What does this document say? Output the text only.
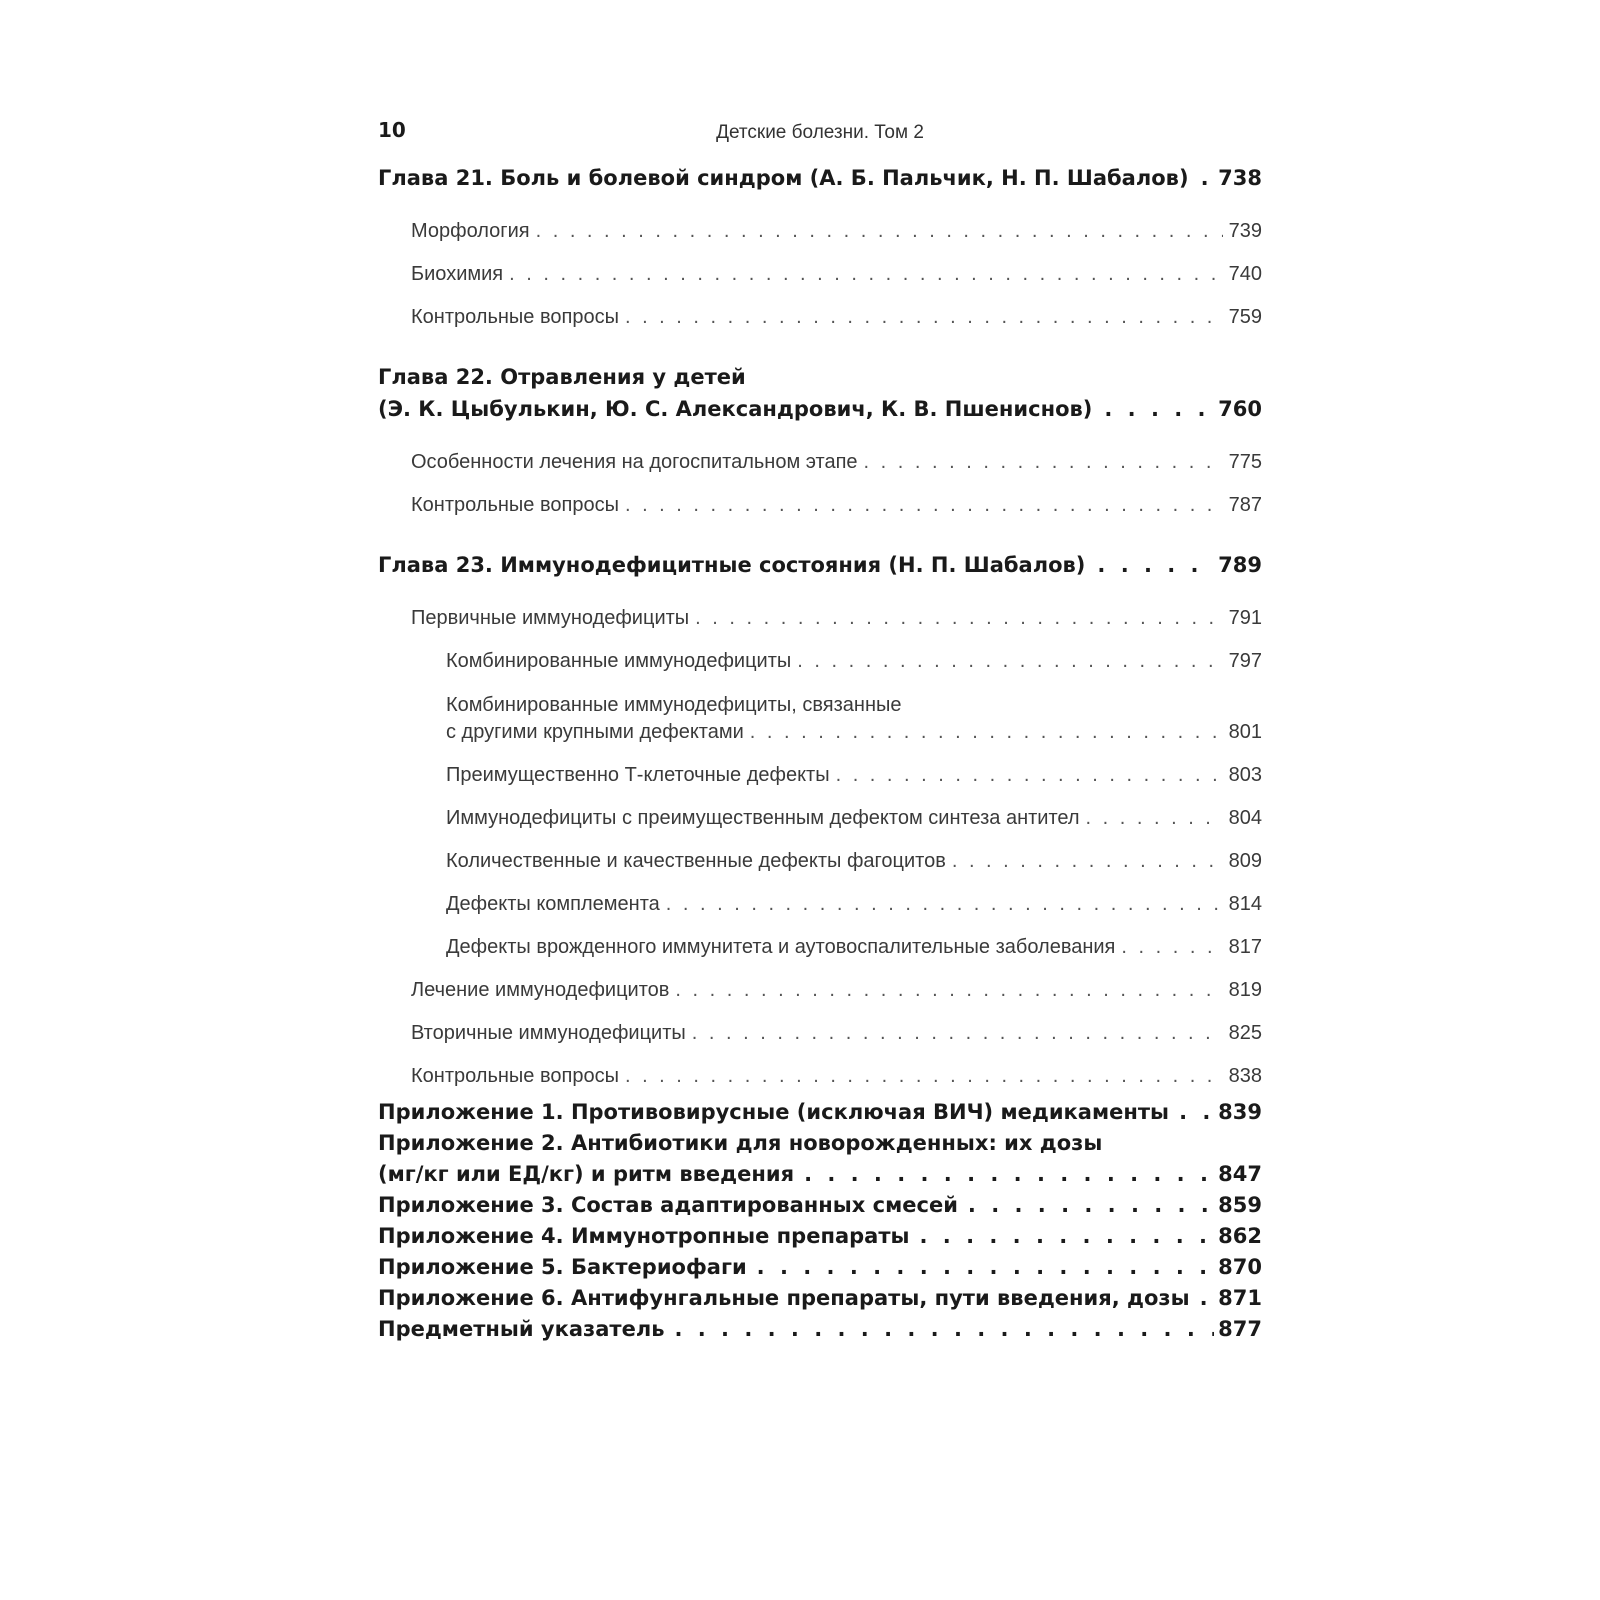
10	Детские болезни. Том 2
Глава 21. Боль и болевой синдром (А. Б. Пальчик, Н. П. Шабалов) . . . 738
Морфология . . .	739
Биохимия . . .	740
Контрольные вопросы . . .	759
Глава 22. Отравления у детей
(Э. К. Цыбулькин, Ю. С. Александрович, К. В. Пшениснов) . . .	760
Особенности лечения на догоспитальном этапе . . .	775
Контрольные вопросы . . .	787
Глава 23. Иммунодефицитные состояния (Н. П. Шабалов) . . .	789
Первичные иммунодефициты . . .	791
Комбинированные иммунодефициты . . .	797
Комбинированные иммунодефициты, связанные
с другими крупными дефектами . . .	801
Преимущественно Т-клеточные дефекты . . .	803
Иммунодефициты с преимущественным дефектом синтеза антител . . .	804
Количественные и качественные дефекты фагоцитов . . .	809
Дефекты комплемента . . .	814
Дефекты врожденного иммунитета и аутовоспалительные заболевания . . .	817
Лечение иммунодефицитов . . .	819
Вторичные иммунодефициты . . .	825
Контрольные вопросы . . .	838
Приложение 1. Противовирусные (исключая ВИЧ) медикаменты . . . 839
Приложение 2. Антибиотики для новорожденных: их дозы
(мг/кг или ЕД/кг) и ритм введения . . .	847
Приложение 3. Состав адаптированных смесей . . .	859
Приложение 4. Иммунотропные препараты . . .	862
Приложение 5. Бактериофаги . . .	870
Приложение 6. Антифунгальные препараты, пути введения, дозы . . . 871
Предметный указатель . . .	877
